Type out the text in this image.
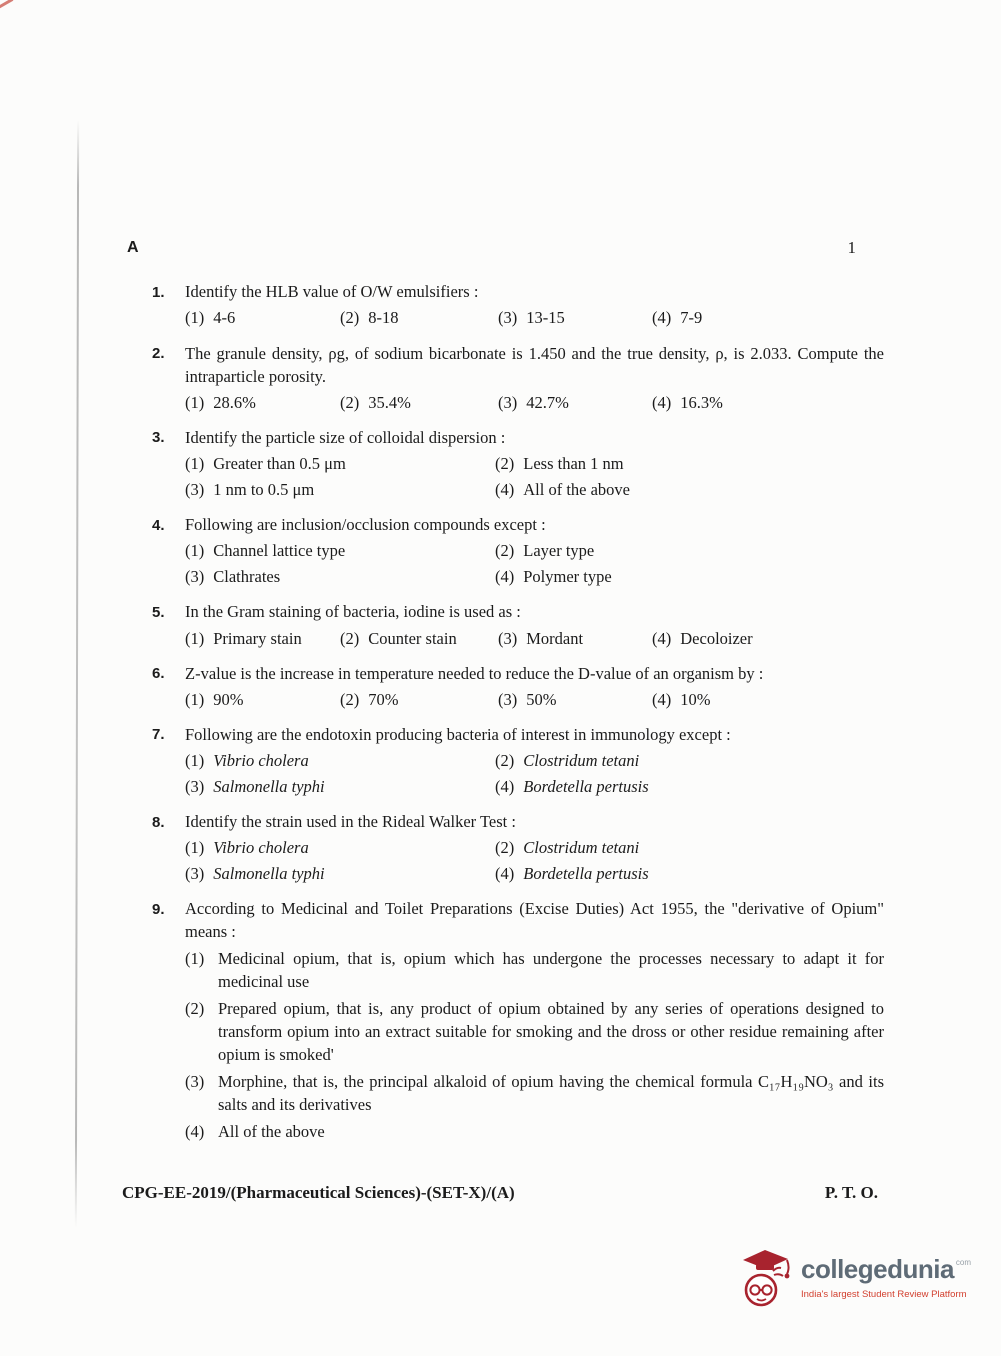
A	1
1.	Identify the HLB value of O/W emulsifiers :
(1) 4-6	(2) 8-18	(3) 13-15	(4) 7-9
2.	The granule density, ρg, of sodium bicarbonate is 1.450 and the true density, ρ, is 2.033. Compute the intraparticle porosity.
(1) 28.6%	(2) 35.4%	(3) 42.7%	(4) 16.3%
3.	Identify the particle size of colloidal dispersion :
(1) Greater than 0.5 μm	(2) Less than 1 nm
(3) 1 nm to 0.5 μm	(4) All of the above
4.	Following are inclusion/occlusion compounds except :
(1) Channel lattice type	(2) Layer type
(3) Clathrates	(4) Polymer type
5.	In the Gram staining of bacteria, iodine is used as :
(1) Primary stain	(2) Counter stain	(3) Mordant	(4) Decoloizer
6.	Z-value is the increase in temperature needed to reduce the D-value of an organism by :
(1) 90%	(2) 70%	(3) 50%	(4) 10%
7.	Following are the endotoxin producing bacteria of interest in immunology except :
(1) Vibrio cholera	(2) Clostridum tetani
(3) Salmonella typhi	(4) Bordetella pertusis
8.	Identify the strain used in the Rideal Walker Test :
(1) Vibrio cholera	(2) Clostridum tetani
(3) Salmonella typhi	(4) Bordetella pertusis
9.	According to Medicinal and Toilet Preparations (Excise Duties) Act 1955, the "derivative of Opium" means :
(1) Medicinal opium, that is, opium which has undergone the processes necessary to adapt it for medicinal use
(2) Prepared opium, that is, any product of opium obtained by any series of operations designed to transform opium into an extract suitable for smoking and the dross or other residue remaining after opium is smoked'
(3) Morphine, that is, the principal alkaloid of opium having the chemical formula C₁₇H₁₉NO₃ and its salts and its derivatives
(4) All of the above
CPG-EE-2019/(Pharmaceutical Sciences)-(SET-X)/(A)	P. T. O.
collegedunia com
India's largest Student Review Platform
